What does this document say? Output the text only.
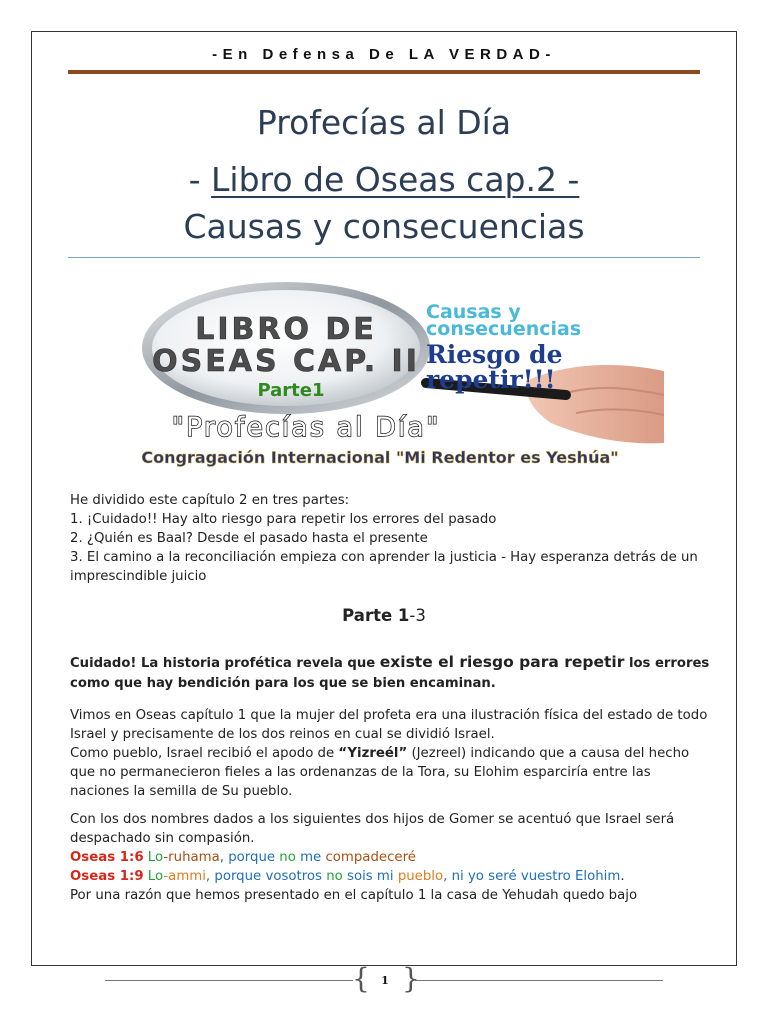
-En Defensa De LA VERDAD-
Profecías al Día
- Libro de Oseas cap.2 -
Causas y consecuencias
LIBRO DE
OSEAS CAP. II
Parte1
Causas y
consecuencias
Riesgo de
repetir!!!
"Profecías al Día"
Congragación Internacional "Mi Redentor es Yeshúa"
He dividido este capítulo 2 en tres partes:
1. ¡Cuidado!! Hay alto riesgo para repetir los errores del pasado
2. ¿Quién es Baal? Desde el pasado hasta el presente
3. El camino a la reconciliación empieza con aprender la justicia - Hay esperanza detrás de un imprescindible juicio
Parte 1-3
Cuidado! La historia profética revela que existe el riesgo para repetir los errores como que hay bendición para los que se bien encaminan.
Vimos en Oseas capítulo 1 que la mujer del profeta era una ilustración física del estado de todo Israel y precisamente de los dos reinos en cual se dividió Israel.
Como pueblo, Israel recibió el apodo de “Yizreél” (Jezreel) indicando que a causa del hecho que no permanecieron fieles a las ordenanzas de la Tora, su Elohim esparciría entre las naciones la semilla de Su pueblo.
Con los dos nombres dados a los siguientes dos hijos de Gomer se acentuó que Israel será despachado sin compasión.
Oseas 1:6 Lo-ruhama, porque no me compadeceré
Oseas 1:9 Lo-ammi, porque vosotros no sois mi pueblo, ni yo seré vuestro Elohim.
Por una razón que hemos presentado en el capítulo 1 la casa de Yehudah quedo bajo
{ }
1
